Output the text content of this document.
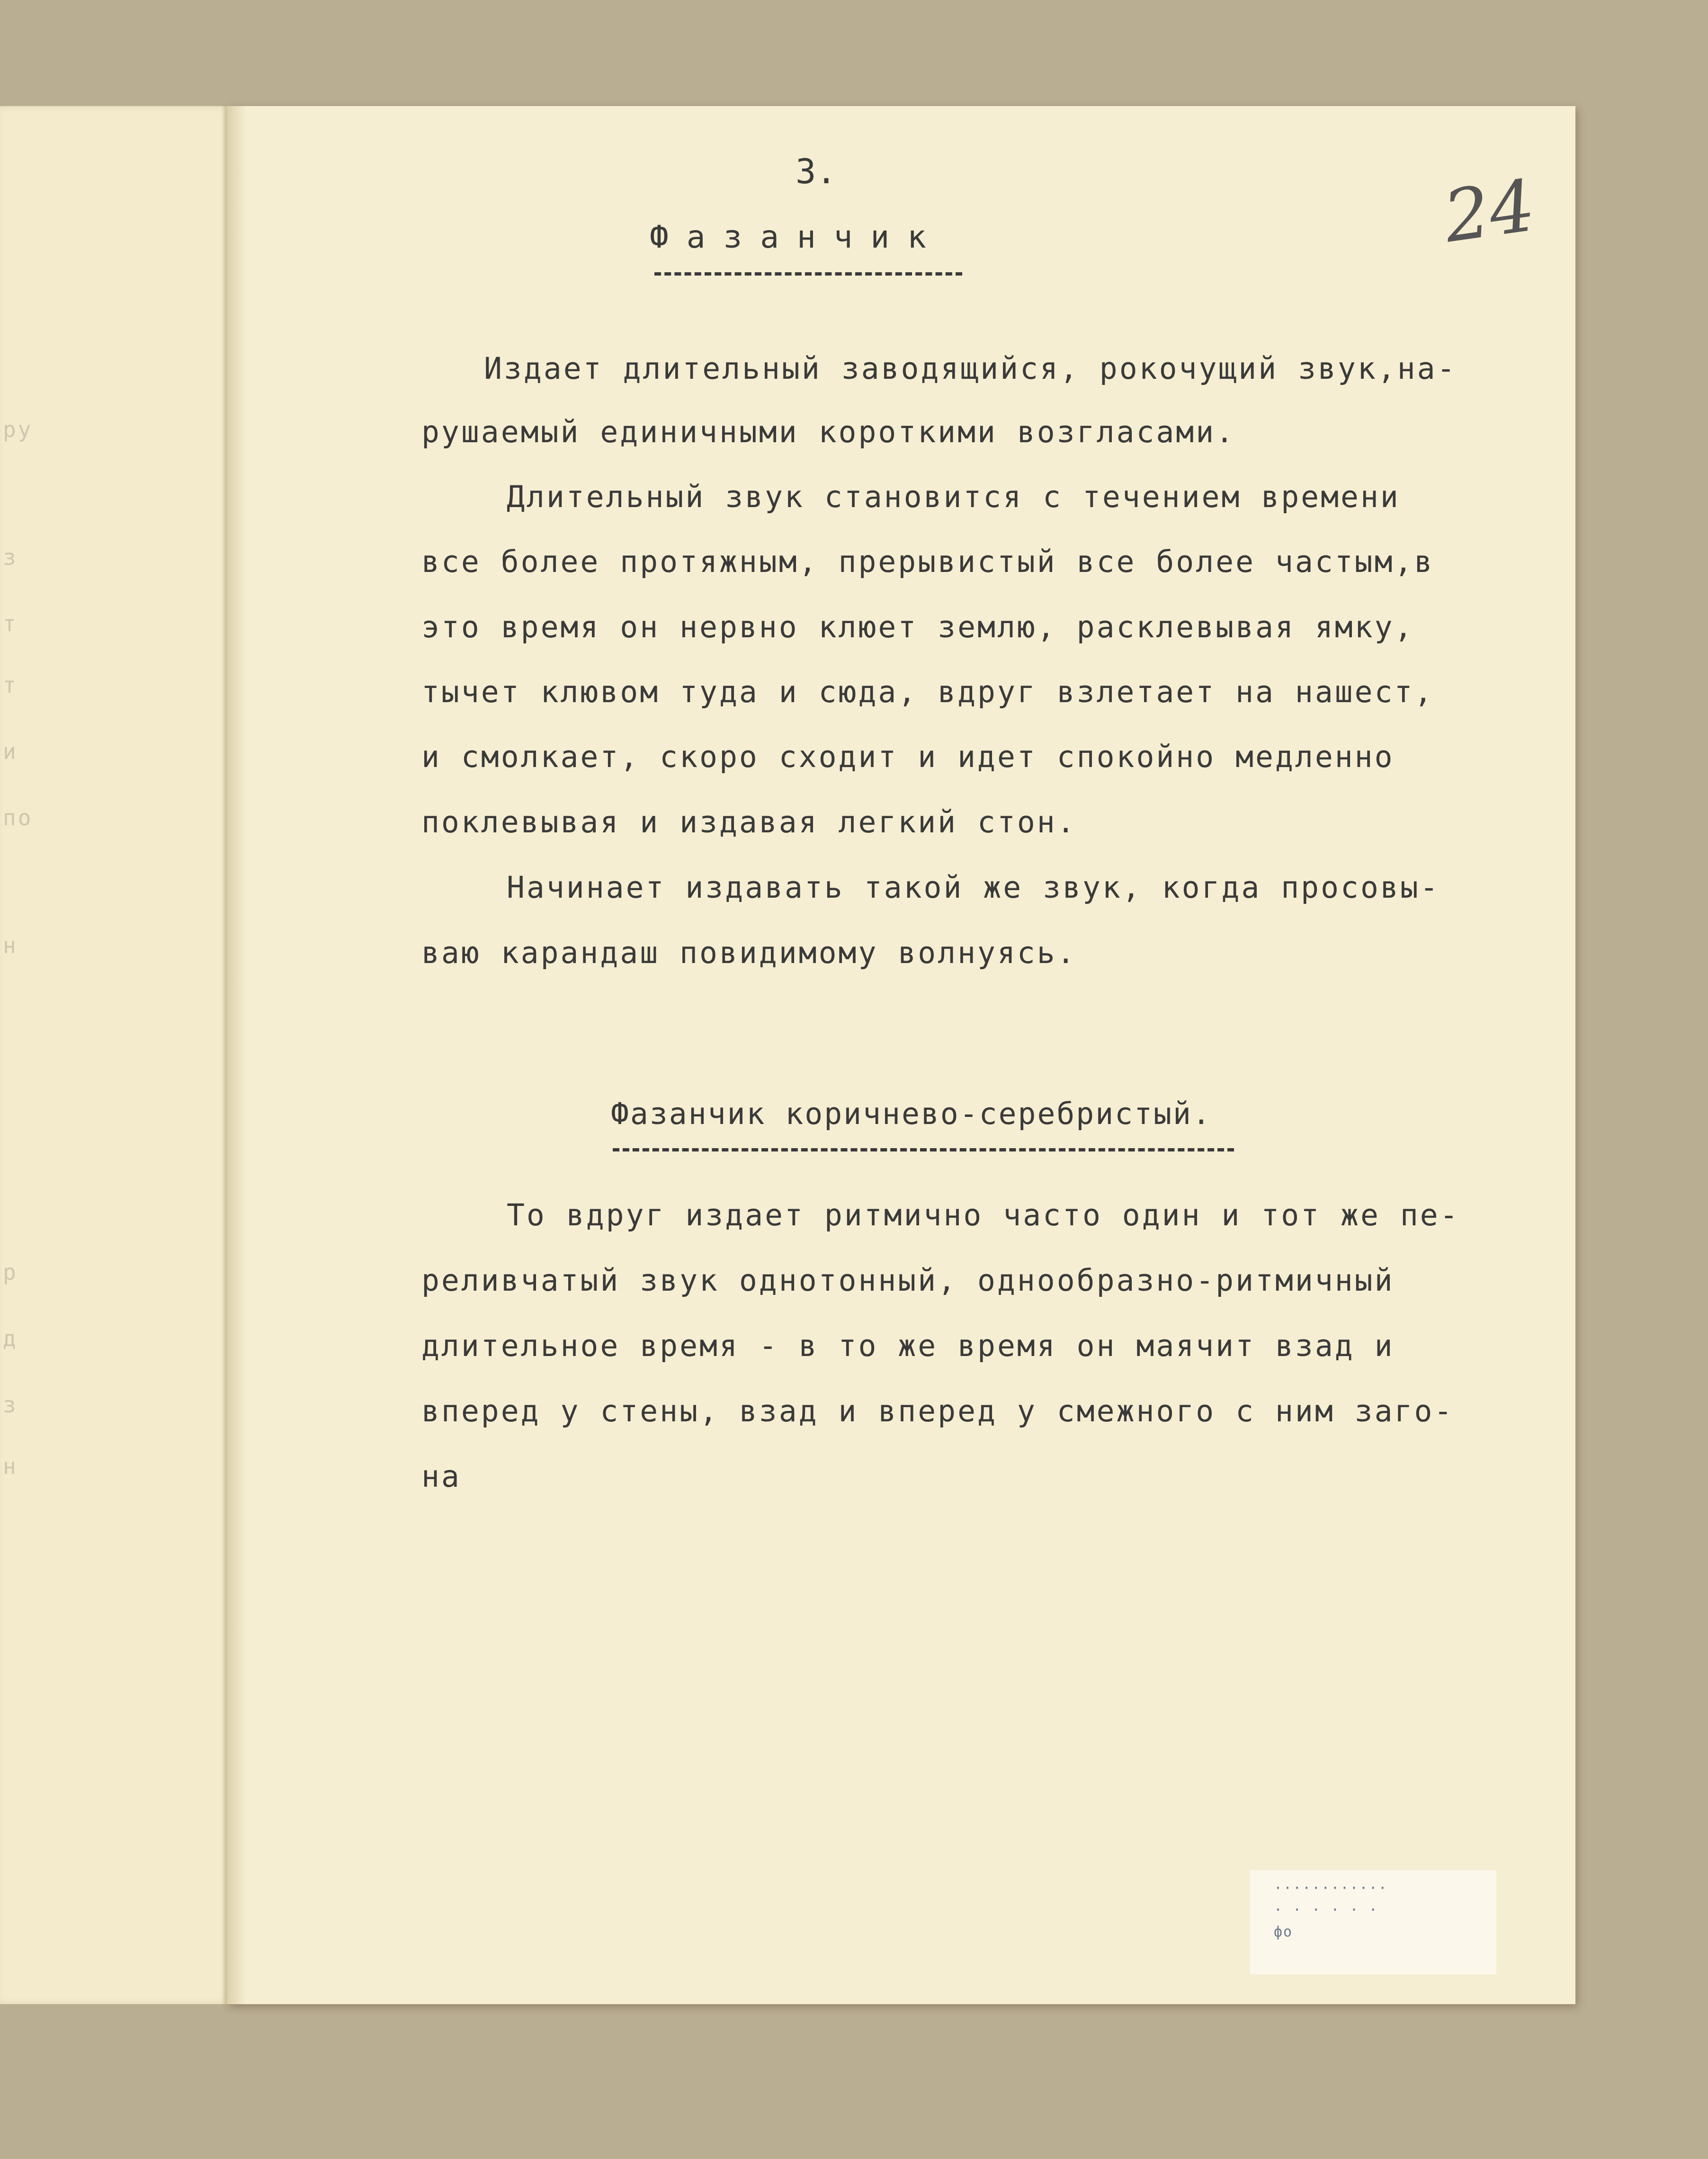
ру
з
т
т
и
по
н
р
д
з
н
3.	24
Фазанчик
Издает длительный заводящийся, рокочущий звук,на-
рушаемый единичными короткими возгласами.
Длительный звук становится с течением времени
все более протяжным, прерывистый все более частым,в
это время он нервно клюет землю, расклевывая ямку,
тычет клювом туда и сюда, вдруг взлетает на нашест,
и смолкает, скоро сходит и идет спокойно медленно
поклевывая и издавая легкий стон.
Начинает издавать такой же звук, когда просовы-
ваю карандаш повидимому волнуясь.
Фазанчик коричнево-серебристый.
То вдруг издает ритмично часто один и тот же пе-
реливчатый звук однотонный, однообразно-ритмичный
длительное время - в то же время он маячит взад и
вперед у стены, взад и вперед у смежного с ним заго-
на
············
· · · · · ·
фо
